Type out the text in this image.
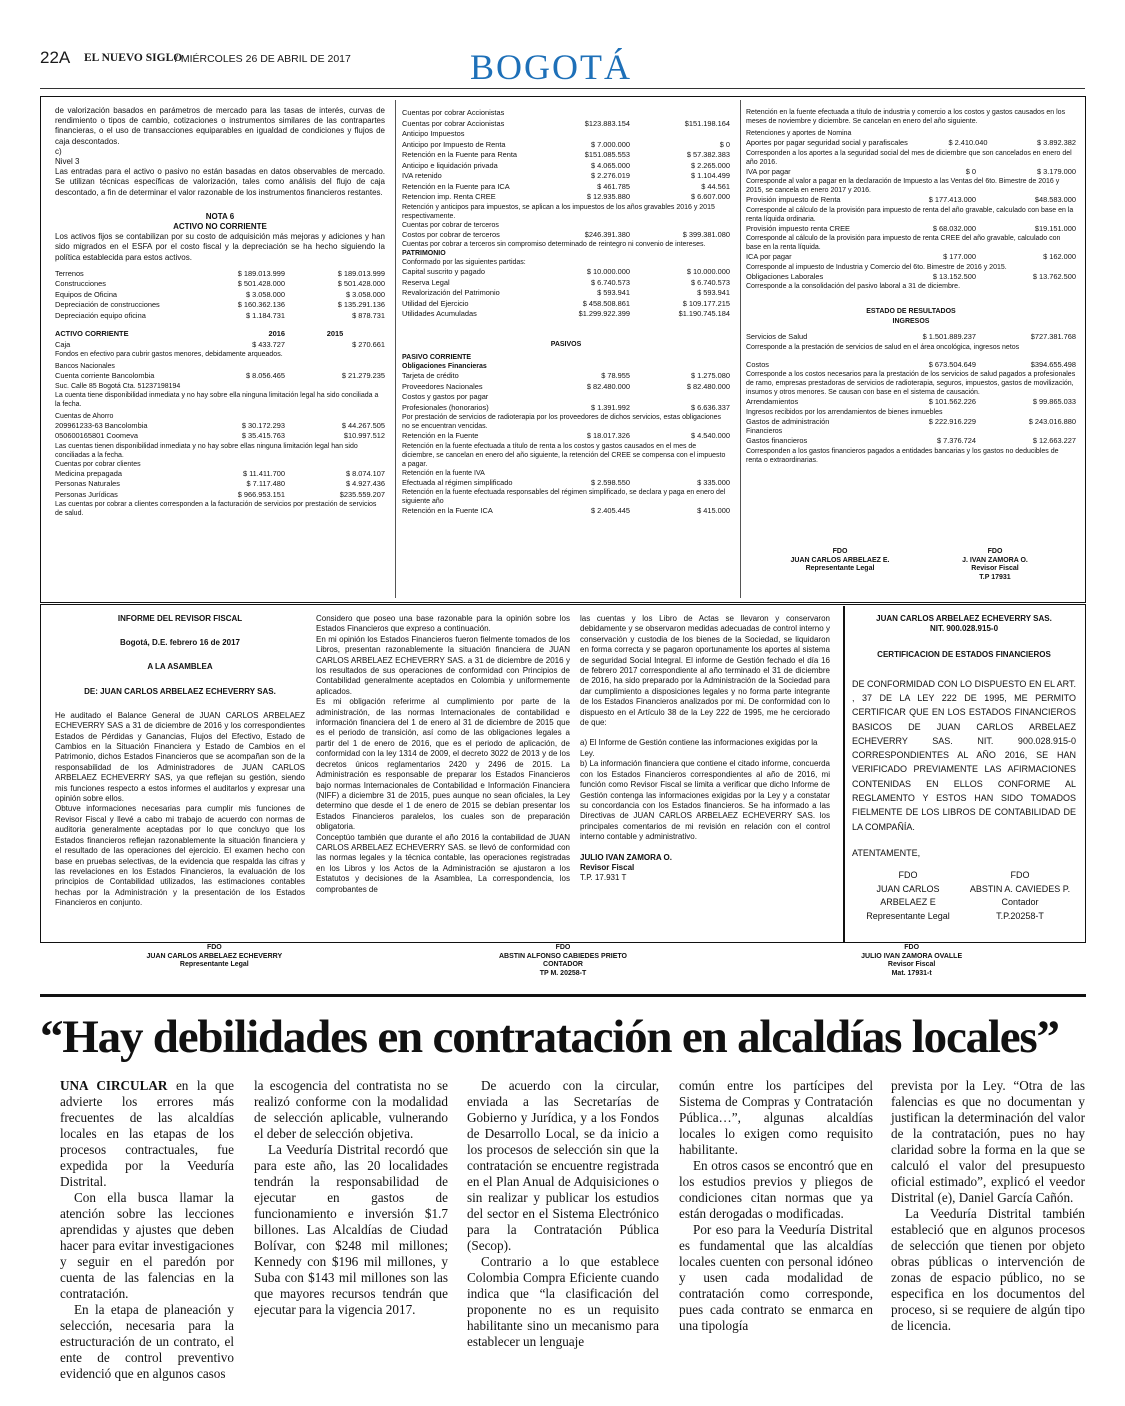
22A EL NUEVO SIGLO
/ MIÉRCOLES 26 DE ABRIL DE 2017	BOGOTÁ
de valorización basados en parámetros de mercado para las tasas de interés, curvas de rendimiento o tipos de cambio, cotizaciones o instrumentos similares de las contrapartes financieras, o el uso de transacciones equiparables en igualdad de condiciones y flujos de caja descontados.
c)
Nivel 3
Las entradas para el activo o pasivo no están basadas en datos observables de mercado. Se utilizan técnicas específicas de valorización, tales como análisis del flujo de caja descontado, a fin de determinar el valor razonable de los instrumentos financieros restantes.
NOTA 6
ACTIVO NO CORRIENTE
Los activos fijos se contabilizan por su costo de adquisición más mejoras y adiciones y han sido migrados en el ESFA por el costo fiscal y la depreciación se ha hecho siguiendo la política establecida para estos activos.
Terrenos	$ 189.013.999	$ 189.013.999
Construcciones	$ 501.428.000	$ 501.428.000
Equipos de Oficina	$ 3.058.000	$ 3.058.000
Depreciación de construcciones	$ 160.362.136	$ 135.291.136
Depreciación equipo oficina	$ 1.184.731	$ 878.731
ACTIVO CORRIENTE	2016	2015
Caja	$ 433.727	$ 270.661
Fondos en efectivo para cubrir gastos menores, debidamente arqueados.
Bancos Nacionales
Cuenta corriente Bancolombia	$ 8.056.465	$ 21.279.235
Suc. Calle 85 Bogotá Cta. 51237198194
La cuenta tiene disponibilidad inmediata y no hay sobre ella ninguna limitación legal ha sido conciliada a la fecha.
Cuentas de Ahorro
209961233-63 Bancolombia	$ 30.172.293	$ 44.267.505
050600165801 Coomeva	$ 35.415.763	$10.997.512
Las cuentas tienen disponibilidad inmediata y no hay sobre ellas ninguna limitación legal han sido conciliadas a la fecha.
Cuentas por cobrar clientes
Medicina prepagada	$ 11.411.700	$ 8.074.107
Personas Naturales	$ 7.117.480	$ 4.927.436
Personas Jurídicas	$ 966.953.151	$235.559.207
Las cuentas por cobrar a clientes corresponden a la facturación de servicios por prestación de servicios de salud.
Cuentas por cobrar Accionistas
Cuentas por cobrar Accionistas	$123.883.154	$151.198.164
Anticipo Impuestos
Anticipo por Impuesto de Renta	$ 7.000.000	$ 0
Retención en la Fuente para Renta	$151.085.553	$ 57.382.383
Anticipo e liquidación privada	$ 4.065.000	$ 2.265.000
IVA retenido	$ 2.276.019	$ 1.104.499
Retención en la Fuente para ICA	$ 461.785	$ 44.561
Retencion imp. Renta CREE	$ 12.935.880	$ 6.607.000
Retención y anticipos para impuestos, se aplican a los impuestos de los años gravables 2016 y 2015 respectivamente.
Cuentas por cobrar de terceros
Costos por cobrar de terceros	$246.391.380	$ 399.381.080
Cuentas por cobrar a terceros sin compromiso determinado de reintegro ni convenio de intereses.
PATRIMONIO
Conformado por las siguientes partidas:
Capital suscrito y pagado	$ 10.000.000	$ 10.000.000
Reserva Legal	$ 6.740.573	$ 6.740.573
Revalorización del Patrimonio	$ 593.941	$ 593.941
Utilidad del Ejercicio	$ 458.508.861	$ 109.177.215
Utilidades Acumuladas	$1.299.922.399	$1.190.745.184
PASIVOS
PASIVO CORRIENTE
Obligaciones Financieras
Tarjeta de crédito	$ 78.955	$ 1.275.080
Proveedores Nacionales	$ 82.480.000	$ 82.480.000
Costos y gastos por pagar
Profesionales (honorarios)	$ 1.391.992	$ 6.636.337
Por prestación de servicios de radioterapia por los proveedores de dichos servicios, estas obligaciones no se encuentran vencidas.
Retención en la Fuente	$ 18.017.326	$ 4.540.000
Retención en la fuente efectuada a título de renta a los costos y gastos causados en el mes de diciembre, se cancelan en enero del año siguiente, la retención del CREE se compensa con el impuesto a pagar.
Retención en la fuente IVA
Efectuada al régimen simplificado	$ 2.598.550	$ 335.000
Retención en la fuente efectuada responsables del régimen simplificado, se declara y paga en enero del siguiente año
Retención en la Fuente ICA	$ 2.405.445	$ 415.000
Retención en la fuente efectuada a título de industria y comercio a los costos y gastos causados en los meses de noviembre y diciembre. Se cancelan en enero del año siguiente.
Retenciones y aportes de Nomina
Aportes por pagar seguridad social y parafiscales	$ 2.410.040	$ 3.892.382
Corresponden a los aportes a la seguridad social del mes de diciembre que son cancelados en enero del año 2016.
IVA por pagar	$ 0	$ 3.179.000
Corresponde al valor a pagar en la declaración de Impuesto a las Ventas del 6to. Bimestre de 2016 y 2015, se cancela en enero 2017 y 2016.
Provisión impuesto de Renta	$ 177.413.000	$48.583.000
Corresponde al cálculo de la provisión para impuesto de renta del año gravable, calculado con base en la renta líquida ordinaria.
Provisión impuesto renta CREE	$ 68.032.000	$19.151.000
Corresponde al cálculo de la provisión para impuesto de renta CREE del año gravable, calculado con base en la renta líquida.
ICA por pagar	$ 177.000	$ 162.000
Corresponde al impuesto de Industria y Comercio del 6to. Bimestre de 2016 y 2015.
Obligaciones Laborales	$ 13.152.500	$ 13.762.500
Corresponde a la consolidación del pasivo laboral a 31 de diciembre.
ESTADO DE RESULTADOS
INGRESOS
Servicios de Salud	$ 1.501.889.237	$727.381.768
Corresponde a la prestación de servicios de salud en el área oncológica, ingresos netos
Costos	$ 673.504.649	$394.655.498
Corresponde a los costos necesarios para la prestación de los servicios de salud pagados a profesionales de ramo, empresas prestadoras de servicios de radioterapia, seguros, impuestos, gastos de movilización, insumos y otros menores. Se causan con base en el sistema de causación.
Arrendamientos	$ 101.562.226	$ 99.865.033
Ingresos recibidos por los arrendamientos de bienes inmuebles
Gastos de administración	$ 222.916.229	$ 243.016.880
Financieros
Gastos financieros	$ 7.376.724	$ 12.663.227
Corresponden a los gastos financieros pagados a entidades bancarias y los gastos no deducibles de renta o extraordinarias.
FDO
JUAN CARLOS ARBELAEZ E.
Representante Legal
FDO
J. IVAN ZAMORA O.
Revisor Fiscal
T.P 17931
INFORME DEL REVISOR FISCAL
Bogotá, D.E. febrero 16 de 2017
A LA ASAMBLEA
DE: JUAN CARLOS ARBELAEZ ECHEVERRY SAS.
He auditado el Balance General de JUAN CARLOS ARBELAEZ ECHEVERRY SAS a 31 de diciembre de 2016 y los correspondientes Estados de Pérdidas y Ganancias, Flujos del Efectivo, Estado de Cambios en la Situación Financiera y Estado de Cambios en el Patrimonio, dichos Estados Financieros que se acompañan son de la responsabilidad de los Administradores de JUAN CARLOS ARBELAEZ ECHEVERRY SAS, ya que reflejan su gestión, siendo mis funciones respecto a estos informes el auditarlos y expresar una opinión sobre ellos.
Obtuve informaciones necesarias para cumplir mis funciones de Revisor Fiscal y llevé a cabo mi trabajo de acuerdo con normas de auditoria generalmente aceptadas por lo que concluyo que los Estados financieros reflejan razonablemente la situación financiera y el resultado de las operaciones del ejercicio. El examen hecho con base en pruebas selectivas, de la evidencia que respalda las cifras y las revelaciones en los Estados Financieros, la evaluación de los principios de Contabilidad utilizados, las estimaciones contables hechas por la Administración y la presentación de los Estados Financieros en conjunto.
Considero que poseo una base razonable para la opinión sobre los Estados Financieros que expreso a continuación.
En mi opinión los Estados Financieros fueron fielmente tomados de los Libros, presentan razonablemente la situación financiera de JUAN CARLOS ARBELAEZ ECHEVERRY SAS. a 31 de diciembre de 2016 y los resultados de sus operaciones de conformidad con Principios de Contabilidad generalmente aceptados en Colombia y uniformemente aplicados.
Es mi obligación referirme al cumplimiento por parte de la administración, de las normas Internacionales de contabilidad e información financiera del 1 de enero al 31 de diciembre de 2015 que es el periodo de transición, así como de las obligaciones legales a partir del 1 de enero de 2016, que es el periodo de aplicación, de conformidad con la ley 1314 de 2009, el decreto 3022 de 2013 y de los decretos únicos reglamentarios 2420 y 2496 de 2015. La Administración es responsable de preparar los Estados Financieros bajo normas Internacionales de Contabilidad e Información Financiera (NIFF) a diciembre 31 de 2015, pues aunque no sean oficiales, la Ley determino que desde el 1 de enero de 2015 se debían presentar los Estados Financieros paralelos, los cuales son de preparación obligatoria.
Conceptúo también que durante el año 2016 la contabilidad de JUAN CARLOS ARBELAEZ ECHEVERRY SAS. se llevó de conformidad con las normas legales y la técnica contable, las operaciones registradas en los Libros y los Actos de la Administración se ajustaron a los Estatutos y decisiones de la Asamblea, La correspondencia, los comprobantes de
las cuentas y los Libro de Actas se llevaron y conservaron debidamente y se observaron medidas adecuadas de control interno y conservación y custodia de los bienes de la Sociedad, se liquidaron en forma correcta y se pagaron oportunamente los aportes al sistema de seguridad Social Integral. El informe de Gestión fechado el día 16 de febrero 2017 correspondiente al año terminado el 31 de diciembre de 2016, ha sido preparado por la Administración de la Sociedad para dar cumplimiento a disposiciones legales y no forma parte integrante de los Estados Financieros analizados por mi. De conformidad con lo dispuesto en el Artículo 38 de la Ley 222 de 1995, me he cerciorado de que:
a) El Informe de Gestión contiene las informaciones exigidas por la Ley.
b) La información financiera que contiene el citado informe, concuerda con los Estados Financieros correspondientes al año de 2016, mi función como Revisor Fiscal se limita a verificar que dicho Informe de Gestión contenga las informaciones exigidas por la Ley y a constatar su concordancia con los Estados financieros. Se ha informado a las Directivas de JUAN CARLOS ARBELAEZ ECHEVERRY SAS. los principales comentarios de mi revisión en relación con el control interno contable y administrativo.
JULIO IVAN ZAMORA O.
Revisor Fiscal
T.P. 17.931 T
JUAN CARLOS ARBELAEZ ECHEVERRY SAS.
NIT. 900.028.915-0
CERTIFICACION DE ESTADOS FINANCIEROS
DE CONFORMIDAD CON LO DISPUESTO EN EL ART. , 37 DE LA LEY 222 DE 1995, ME PERMITO CERTIFICAR QUE EN LOS ESTADOS FINANCIEROS BASICOS DE JUAN CARLOS ARBELAEZ ECHEVERRY SAS. NIT. 900.028.915-0 CORRESPONDIENTES AL AÑO 2016, SE HAN VERIFICADO PREVIAMENTE LAS AFIRMACIONES CONTENIDAS EN ELLOS CONFORME AL REGLAMENTO Y ESTOS HAN SIDO TOMADOS FIELMENTE DE LOS LIBROS DE CONTABILIDAD DE LA COMPAÑÍA.
ATENTAMENTE,
FDO
JUAN CARLOS
ARBELAEZ E
Representante Legal
FDO
ABSTIN A. CAVIEDES P.
Contador
T.P.20258-T
FDO
JUAN CARLOS ARBELAEZ ECHEVERRY
Representante Legal
FDO
ABSTIN ALFONSO CABIEDES PRIETO
CONTADOR
TP M. 20258-T
FDO
JULIO IVAN ZAMORA OVALLE
Revisor Fiscal
Mat. 17931-t
“Hay debilidades en contratación en alcaldías locales”

UNA CIRCULAR en la que advierte los errores más frecuentes de las alcaldías locales en las etapas de los procesos contractuales, fue expedida por la Veeduría Distrital.

Con ella busca llamar la atención sobre las lecciones aprendidas y ajustes que deben hacer para evitar investigaciones y seguir en el paredón por cuenta de las falencias en la contratación.

En la etapa de planeación y selección, necesaria para la estructuración de un contrato, el ente de control preventivo evidenció que en algunos casos

la escogencia del contratista no se realizó conforme con la modalidad de selección aplicable, vulnerando el deber de selección objetiva.

La Veeduría Distrital recordó que para este año, las 20 localidades tendrán la responsabilidad de ejecutar en gastos de funcionamiento e inversión $1.7 billones. Las Alcaldías de Ciudad Bolívar, con $248 mil millones; Kennedy con $196 mil millones, y Suba con $143 mil millones son las que mayores recursos tendrán que ejecutar para la vigencia 2017.

De acuerdo con la circular, enviada a las Secretarías de Gobierno y Jurídica, y a los Fondos de Desarrollo Local, se da inicio a los procesos de selección sin que la contratación se encuentre registrada en el Plan Anual de Adquisiciones o sin realizar y publicar los estudios del sector en el Sistema Electrónico para la Contratación Pública (Secop).

Contrario a lo que establece Colombia Compra Eficiente cuando indica que “la clasificación del proponente no es un requisito habilitante sino un mecanismo para establecer un lenguaje

común entre los partícipes del Sistema de Compras y Contratación Pública…”, algunas alcaldías locales lo exigen como requisito habilitante.

En otros casos se encontró que en los estudios previos y pliegos de condiciones citan normas que ya están derogadas o modificadas.

Por eso para la Veeduría Distrital es fundamental que las alcaldías locales cuenten con personal idóneo y usen cada modalidad de contratación como corresponde, pues cada contrato se enmarca en una tipología

prevista por la Ley. “Otra de las falencias es que no documentan y justifican la determinación del valor de la contratación, pues no hay claridad sobre la forma en la que se calculó el valor del presupuesto oficial estimado”, explicó el veedor Distrital (e), Daniel García Cañón.

La Veeduría Distrital también estableció que en algunos procesos de selección que tienen por objeto obras públicas o intervención de zonas de espacio público, no se especifica en los documentos del proceso, si se requiere de algún tipo de licencia.
